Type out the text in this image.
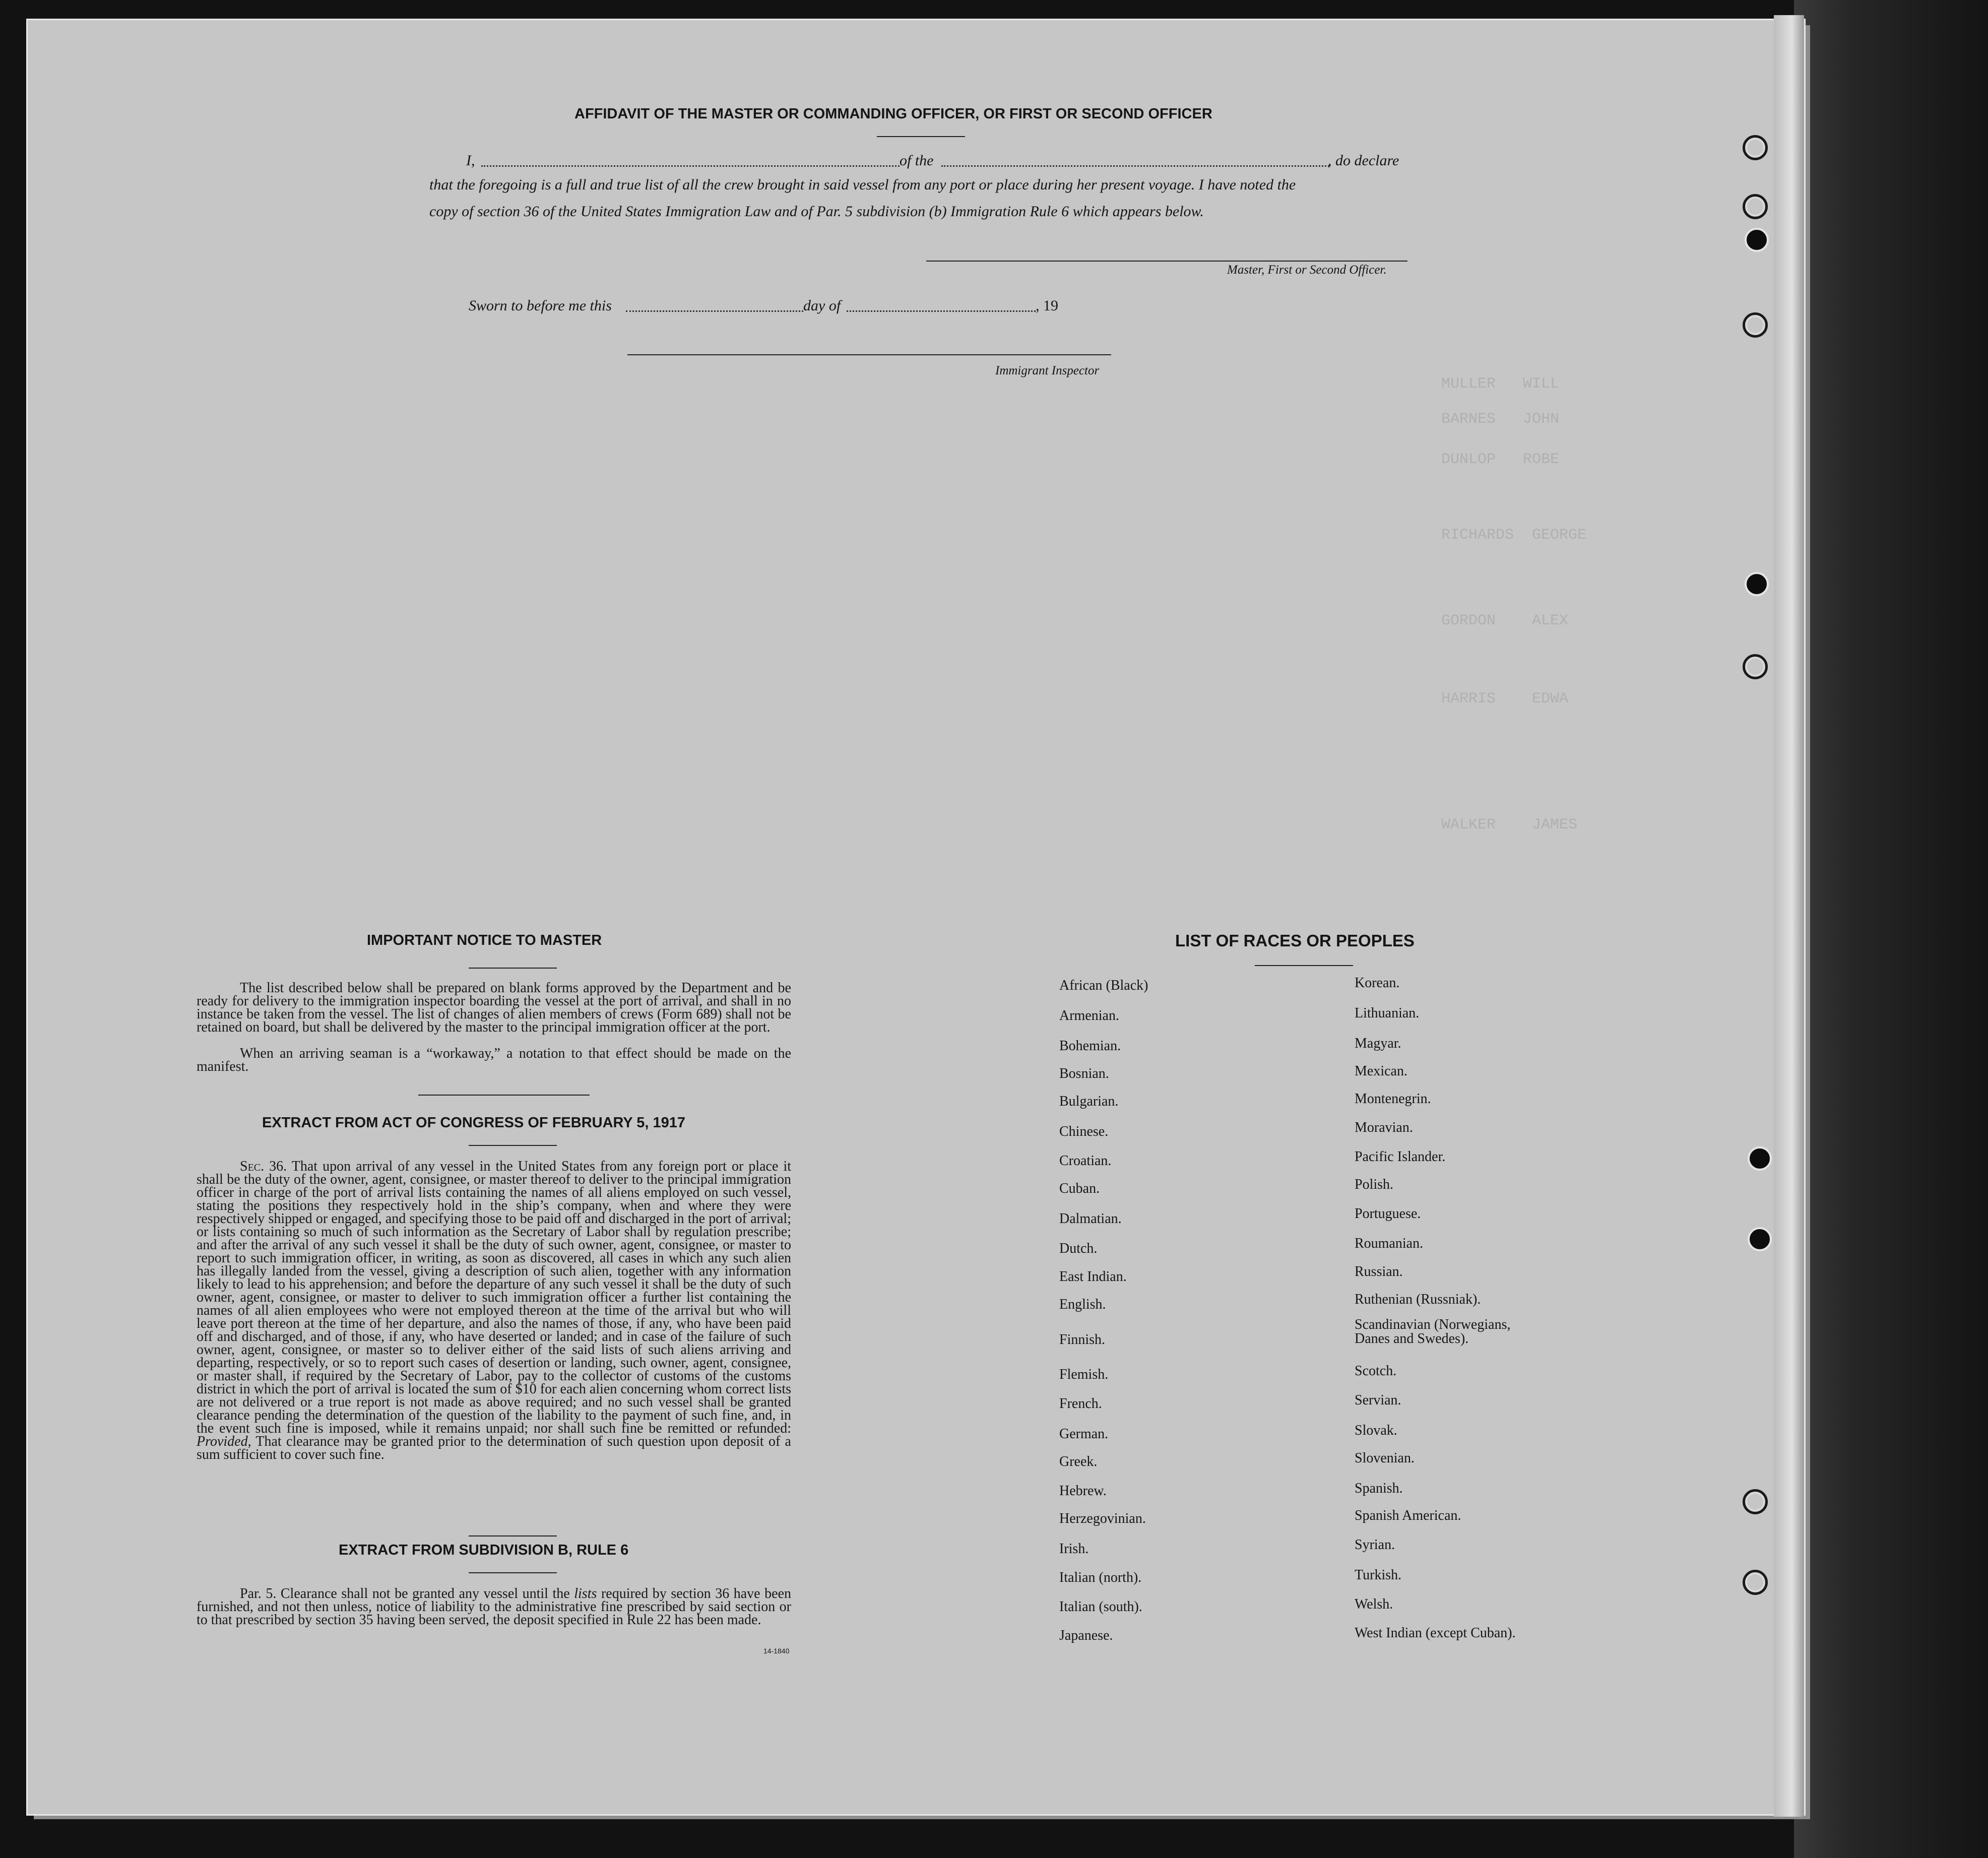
MULLER   WILL
BARNES   JOHN
DUNLOP   ROBE
RICHARDS  GEORGE
GORDON    ALEX
HARRIS    EDWA
WALKER    JAMES
AFFIDAVIT OF THE MASTER OR COMMANDING OFFICER, OR FIRST OR SECOND OFFICER
I,	of the	, do declare
that the foregoing is a full and true list of all the crew brought in said vessel from any port or place during her present voyage. I have noted the
copy of section 36 of the United States Immigration Law and of Par. 5 subdivision (b) Immigration Rule 6 which appears below.
Master, First or Second Officer.
Sworn to before me this	day of	, 19
Immigrant Inspector
IMPORTANT NOTICE TO MASTER
The list described below shall be prepared on blank forms approved by the Department and be ready for delivery to the immigration inspector boarding the vessel at the port of arrival, and shall in no instance be taken from the vessel. The list of changes of alien members of crews (Form 689) shall not be retained on board, but shall be delivered by the master to the principal immigration officer at the port.
When an arriving seaman is a “workaway,” a notation to that effect should be made on the manifest.
EXTRACT FROM ACT OF CONGRESS OF FEBRUARY 5, 1917
Sec. 36. That upon arrival of any vessel in the United States from any foreign port or place it shall be the duty of the owner, agent, consignee, or master thereof to deliver to the principal immigration officer in charge of the port of arrival lists containing the names of all aliens employed on such vessel, stating the positions they respectively hold in the ship’s company, when and where they were respectively shipped or engaged, and specifying those to be paid off and discharged in the port of arrival; or lists containing so much of such information as the Secretary of Labor shall by regulation prescribe; and after the arrival of any such vessel it shall be the duty of such owner, agent, consignee, or master to report to such immigration officer, in writing, as soon as discovered, all cases in which any such alien has illegally landed from the vessel, giving a description of such alien, together with any information likely to lead to his apprehension; and before the departure of any such vessel it shall be the duty of such owner, agent, consignee, or master to deliver to such immigration officer a further list containing the names of all alien employees who were not employed thereon at the time of the arrival but who will leave port thereon at the time of her departure, and also the names of those, if any, who have been paid off and discharged, and of those, if any, who have deserted or landed; and in case of the failure of such owner, agent, consignee, or master so to deliver either of the said lists of such aliens arriving and departing, respectively, or so to report such cases of desertion or landing, such owner, agent, consignee, or master shall, if required by the Secretary of Labor, pay to the collector of customs of the customs district in which the port of arrival is located the sum of $10 for each alien concerning whom correct lists are not delivered or a true report is not made as above required; and no such vessel shall be granted clearance pending the determination of the question of the liability to the payment of such fine, and, in the event such fine is imposed, while it remains unpaid; nor shall such fine be remitted or refunded: Provided, That clearance may be granted prior to the determination of such question upon deposit of a sum sufficient to cover such fine.
EXTRACT FROM SUBDIVISION B, RULE 6
Par. 5. Clearance shall not be granted any vessel until the lists required by section 36 have been furnished, and not then unless, notice of liability to the administrative fine prescribed by said section or to that prescribed by section 35 having been served, the deposit specified in Rule 22 has been made.
14-1840
LIST OF RACES OR PEOPLES
African (Black)
Armenian.
Bohemian.
Bosnian.
Bulgarian.
Chinese.
Croatian.
Cuban.
Dalmatian.
Dutch.
East Indian.
English.
Finnish.
Flemish.
French.
German.
Greek.
Hebrew.
Herzegovinian.
Irish.
Italian (north).
Italian (south).
Japanese.
Korean.
Lithuanian.
Magyar.
Mexican.
Montenegrin.
Moravian.
Pacific Islander.
Polish.
Portuguese.
Roumanian.
Russian.
Ruthenian (Russniak).
Scandinavian (Norwegians, Danes and Swedes).
Scotch.
Servian.
Slovak.
Slovenian.
Spanish.
Spanish American.
Syrian.
Turkish.
Welsh.
West Indian (except Cuban).
